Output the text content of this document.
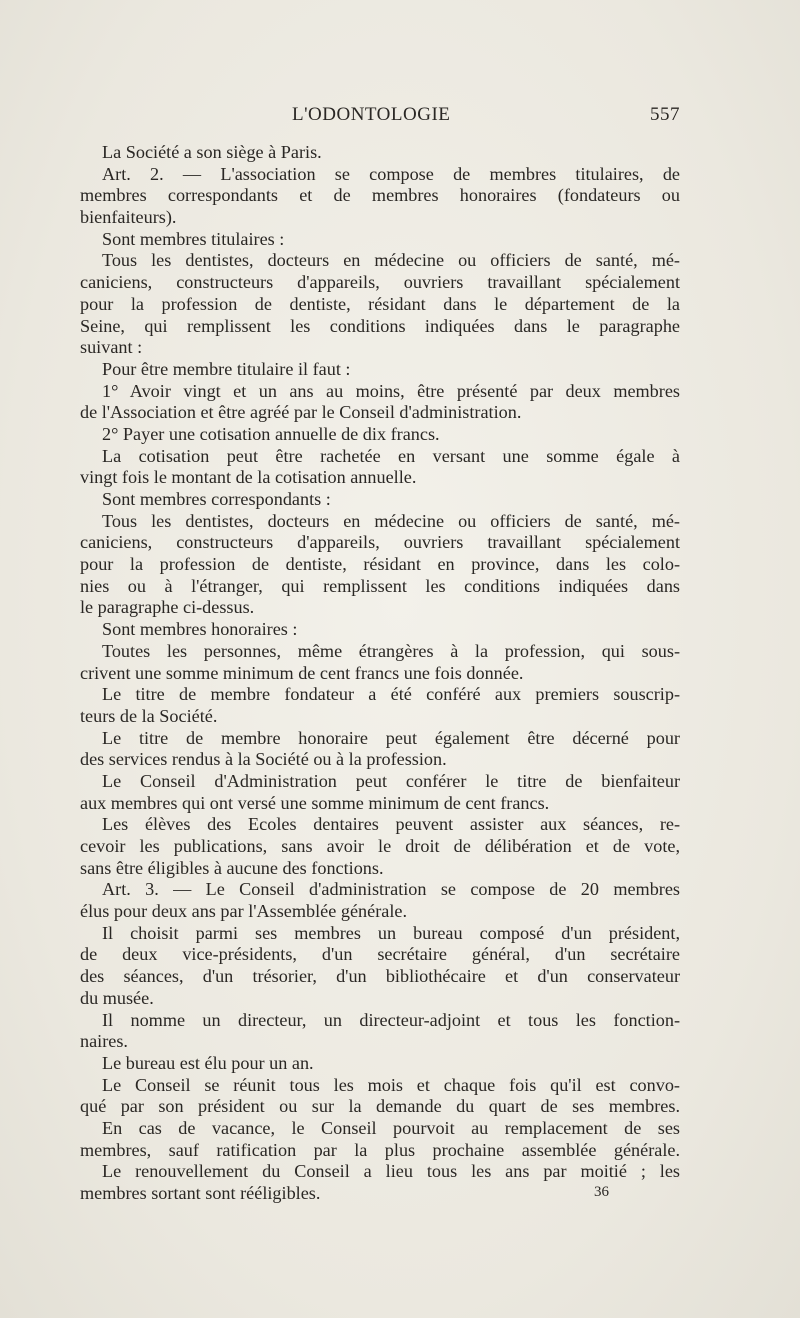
L'ODONTOLOGIE	557
La Société a son siège à Paris.
Art. 2. — L'association se compose de membres titulaires, de
membres correspondants et de membres honoraires (fondateurs ou
bienfaiteurs).
Sont membres titulaires :
Tous les dentistes, docteurs en médecine ou officiers de santé, mé-
caniciens, constructeurs d'appareils, ouvriers travaillant spécialement
pour la profession de dentiste, résidant dans le département de la
Seine, qui remplissent les conditions indiquées dans le paragraphe
suivant :
Pour être membre titulaire il faut :
1° Avoir vingt et un ans au moins, être présenté par deux membres
de l'Association et être agréé par le Conseil d'administration.
2° Payer une cotisation annuelle de dix francs.
La cotisation peut être rachetée en versant une somme égale à
vingt fois le montant de la cotisation annuelle.
Sont membres correspondants :
Tous les dentistes, docteurs en médecine ou officiers de santé, mé-
caniciens, constructeurs d'appareils, ouvriers travaillant spécialement
pour la profession de dentiste, résidant en province, dans les colo-
nies ou à l'étranger, qui remplissent les conditions indiquées dans
le paragraphe ci-dessus.
Sont membres honoraires :
Toutes les personnes, même étrangères à la profession, qui sous-
crivent une somme minimum de cent francs une fois donnée.
Le titre de membre fondateur a été conféré aux premiers souscrip-
teurs de la Société.
Le titre de membre honoraire peut également être décerné pour
des services rendus à la Société ou à la profession.
Le Conseil d'Administration peut conférer le titre de bienfaiteur
aux membres qui ont versé une somme minimum de cent francs.
Les élèves des Ecoles dentaires peuvent assister aux séances, re-
cevoir les publications, sans avoir le droit de délibération et de vote,
sans être éligibles à aucune des fonctions.
Art. 3. — Le Conseil d'administration se compose de 20 membres
élus pour deux ans par l'Assemblée générale.
Il choisit parmi ses membres un bureau composé d'un président,
de deux vice-présidents, d'un secrétaire général, d'un secrétaire
des séances, d'un trésorier, d'un bibliothécaire et d'un conservateur
du musée.
Il nomme un directeur, un directeur-adjoint et tous les fonction-
naires.
Le bureau est élu pour un an.
Le Conseil se réunit tous les mois et chaque fois qu'il est convo-
qué par son président ou sur la demande du quart de ses membres.
En cas de vacance, le Conseil pourvoit au remplacement de ses
membres, sauf ratification par la plus prochaine assemblée générale.
Le renouvellement du Conseil a lieu tous les ans par moitié ; les
membres sortant sont rééligibles.	36
